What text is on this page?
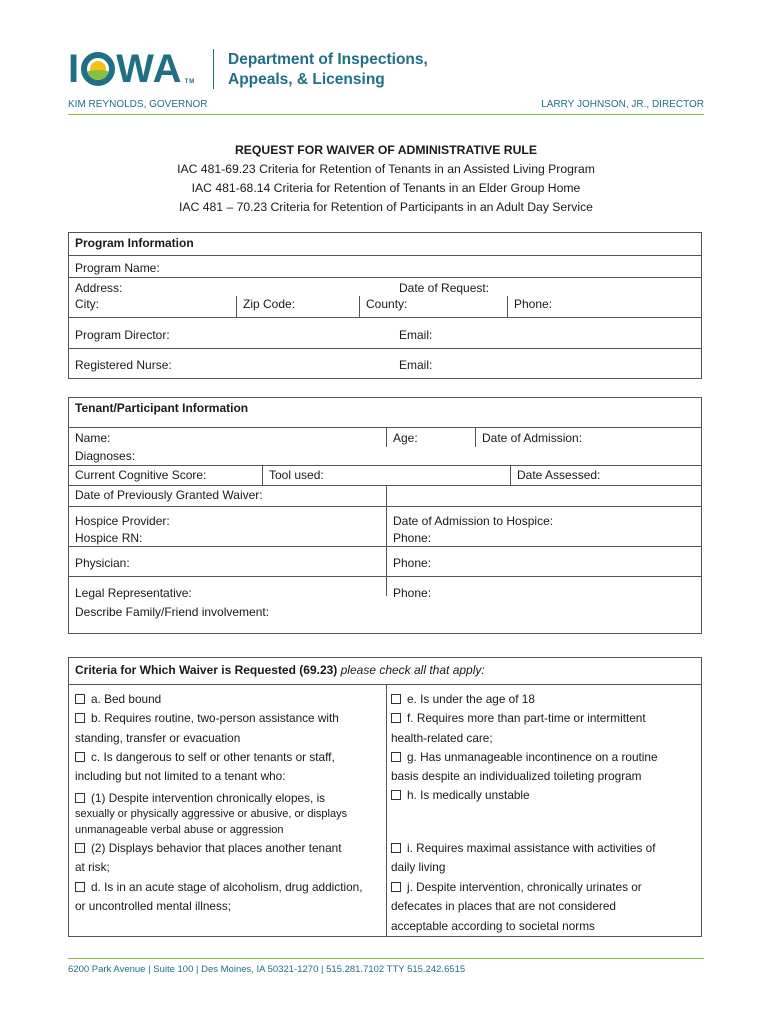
I WA TM
Department of Inspections,
Appeals, & Licensing
KIM REYNOLDS, GOVERNOR	LARRY JOHNSON, JR., DIRECTOR
REQUEST FOR WAIVER OF ADMINISTRATIVE RULE
IAC 481-69.23 Criteria for Retention of Tenants in an Assisted Living Program
IAC 481-68.14 Criteria for Retention of Tenants in an Elder Group Home
IAC 481 – 70.23 Criteria for Retention of Participants in an Adult Day Service
Program Information
Program Name:
Address:	Date of Request:
City:	Zip Code:	County:	Phone:
Program Director:	Email:
Registered Nurse:	Email:
Tenant/Participant Information
Name:	Age:	Date of Admission:
Diagnoses:
Current Cognitive Score:	Tool used:	Date Assessed:
Date of Previously Granted Waiver:
Hospice Provider:	Date of Admission to Hospice:
Hospice RN:	Phone:
Physician:	Phone:
Legal Representative:	Phone:
Describe Family/Friend involvement:
Criteria for Which Waiver is Requested (69.23) please check all that apply:
a. Bed bound
b. Requires routine, two-person assistance with
standing, transfer or evacuation
c. Is dangerous to self or other tenants or staff,
including but not limited to a tenant who:
(1) Despite intervention chronically elopes, is
sexually or physically aggressive or abusive, or displays
unmanageable verbal abuse or aggression
(2) Displays behavior that places another tenant
at risk;
d. Is in an acute stage of alcoholism, drug addiction,
or uncontrolled mental illness;
e. Is under the age of 18
f. Requires more than part-time or intermittent
health-related care;
g. Has unmanageable incontinence on a routine
basis despite an individualized toileting program
h. Is medically unstable
i. Requires maximal assistance with activities of
daily living
j. Despite intervention, chronically urinates or
defecates in places that are not considered
acceptable according to societal norms
6200 Park Avenue | Suite 100 | Des Moines, IA 50321-1270 | 515.281.7102 TTY 515.242.6515
